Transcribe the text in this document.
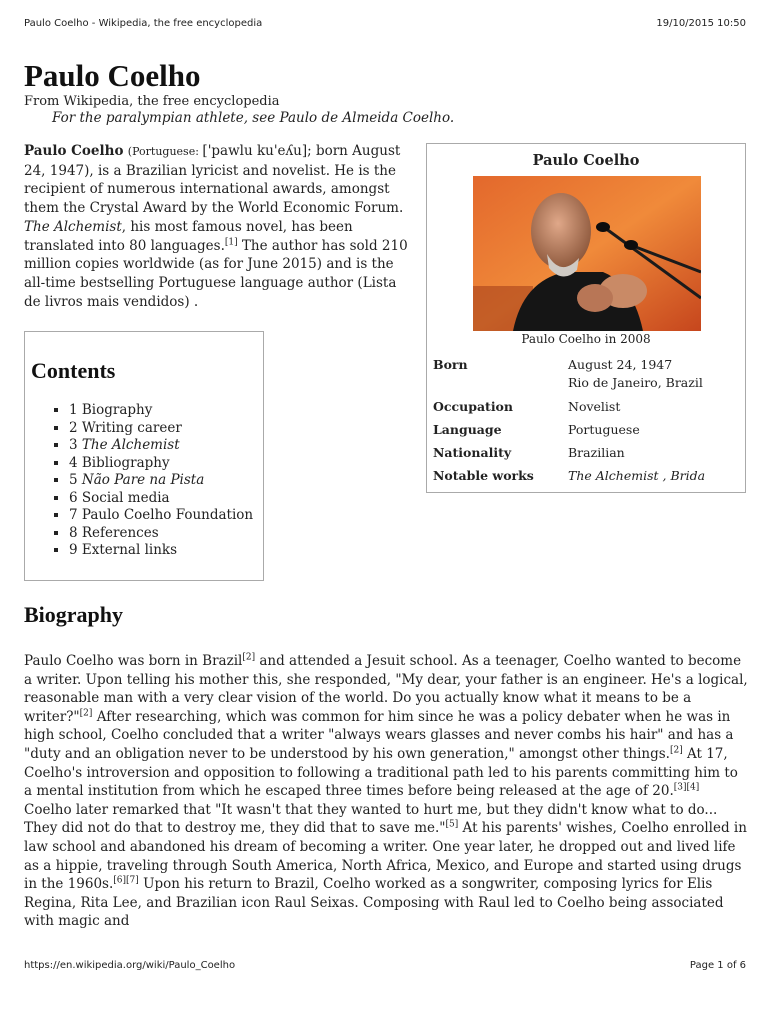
Paulo Coelho - Wikipedia, the free encyclopedia	19/10/2015 10:50
Paulo Coelho
From Wikipedia, the free encyclopedia
For the paralympian athlete, see Paulo de Almeida Coelho.

Paulo Coelho (Portuguese: ['pawlu ku'eʎu]; born August 24, 1947), is a Brazilian lyricist and novelist. He is the recipient of numerous international awards, amongst them the Crystal Award by the World Economic Forum. The Alchemist, his most famous novel, has been translated into 80 languages.[1] The author has sold 210 million copies worldwide (as for June 2015) and is the all-time bestselling Portuguese language author (Lista de livros mais vendidos) .

Contents
▪ 1 Biography
▪ 2 Writing career
▪ 3 The Alchemist
▪ 4 Bibliography
▪ 5 Não Pare na Pista
▪ 6 Social media
▪ 7 Paulo Coelho Foundation
▪ 8 References
▪ 9 External links
Paulo Coelho
Paulo Coelho in 2008
Born	August 24, 1947
Rio de Janeiro, Brazil
Occupation	Novelist
Language	Portuguese
Nationality	Brazilian
Notable works	The Alchemist , Brida
Biography

Paulo Coelho was born in Brazil[2] and attended a Jesuit school. As a teenager, Coelho wanted to become a writer. Upon telling his mother this, she responded, "My dear, your father is an engineer. He's a logical, reasonable man with a very clear vision of the world. Do you actually know what it means to be a writer?"[2] After researching, which was common for him since he was a policy debater when he was in high school, Coelho concluded that a writer "always wears glasses and never combs his hair" and has a "duty and an obligation never to be understood by his own generation," amongst other things.[2] At 17, Coelho's introversion and opposition to following a traditional path led to his parents committing him to a mental institution from which he escaped three times before being released at the age of 20.[3][4] Coelho later remarked that "It wasn't that they wanted to hurt me, but they didn't know what to do... They did not do that to destroy me, they did that to save me."[5] At his parents' wishes, Coelho enrolled in law school and abandoned his dream of becoming a writer. One year later, he dropped out and lived life as a hippie, traveling through South America, North Africa, Mexico, and Europe and started using drugs in the 1960s.[6][7] Upon his return to Brazil, Coelho worked as a songwriter, composing lyrics for Elis Regina, Rita Lee, and Brazilian icon Raul Seixas. Composing with Raul led to Coelho being associated with magic and

https://en.wikipedia.org/wiki/Paulo_Coelho	Page 1 of 6
